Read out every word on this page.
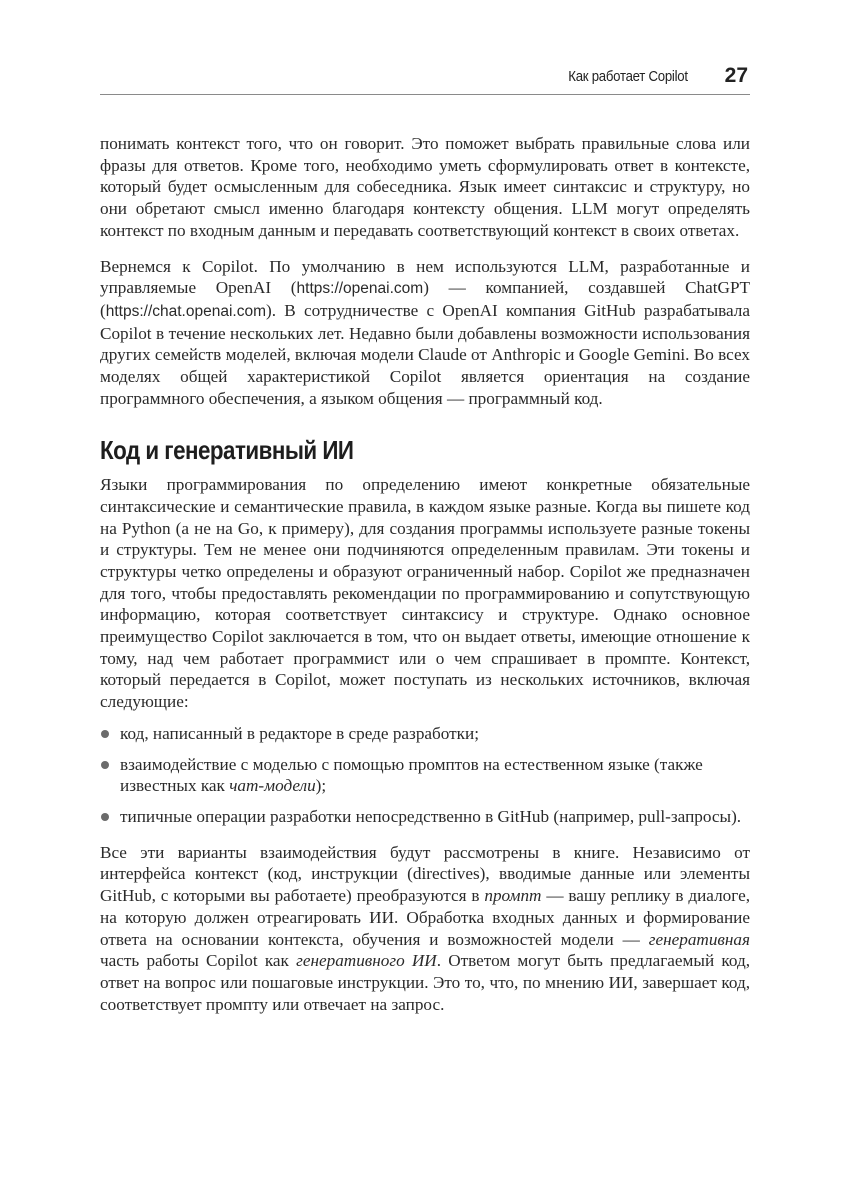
Как работает Copilot 27

понимать контекст того, что он говорит. Это поможет выбрать правильные слова или фразы для ответов. Кроме того, необходимо уметь сформулировать ответ в контексте, который будет осмысленным для собеседника. Язык имеет синтаксис и структуру, но они обретают смысл именно благодаря контексту общения. LLM могут определять контекст по входным данным и передавать соответствующий контекст в своих ответах.

Вернемся к Copilot. По умолчанию в нем используются LLM, разработанные и управляемые OpenAI (https://openai.com) — компанией, создавшей ChatGPT (https://chat.openai.com). В сотрудничестве с OpenAI компания GitHub разрабатывала Copilot в течение нескольких лет. Недавно были добавлены возможности использования других семейств моделей, включая модели Claude от Anthropic и Google Gemini. Во всех моделях общей характеристикой Copilot является ориентация на создание программного обеспечения, а языком общения — программный код.

Код и генеративный ИИ

Языки программирования по определению имеют конкретные обязательные синтаксические и семантические правила, в каждом языке разные. Когда вы пишете код на Python (а не на Go, к примеру), для создания программы используете разные токены и структуры. Тем не менее они подчиняются определенным правилам. Эти токены и структуры четко определены и образуют ограниченный набор. Copilot же предназначен для того, чтобы предоставлять рекомендации по программированию и сопутствующую информацию, которая соответствует синтаксису и структуре. Однако основное преимущество Copilot заключается в том, что он выдает ответы, имеющие отношение к тому, над чем работает программист или о чем спрашивает в промпте. Контекст, который передается в Copilot, может поступать из нескольких источников, включая следующие:

код, написанный в редакторе в среде разработки;
взаимодействие с моделью с помощью промптов на естественном языке (также известных как чат-модели);
типичные операции разработки непосредственно в GitHub (например, pull-запросы).

Все эти варианты взаимодействия будут рассмотрены в книге. Независимо от интерфейса контекст (код, инструкции (directives), вводимые данные или элементы GitHub, с которыми вы работаете) преобразуются в промпт — вашу реплику в диалоге, на которую должен отреагировать ИИ. Обработка входных данных и формирование ответа на основании контекста, обучения и возможностей модели — генеративная часть работы Copilot как генеративного ИИ. Ответом могут быть предлагаемый код, ответ на вопрос или пошаговые инструкции. Это то, что, по мнению ИИ, завершает код, соответствует промпту или отвечает на запрос.
